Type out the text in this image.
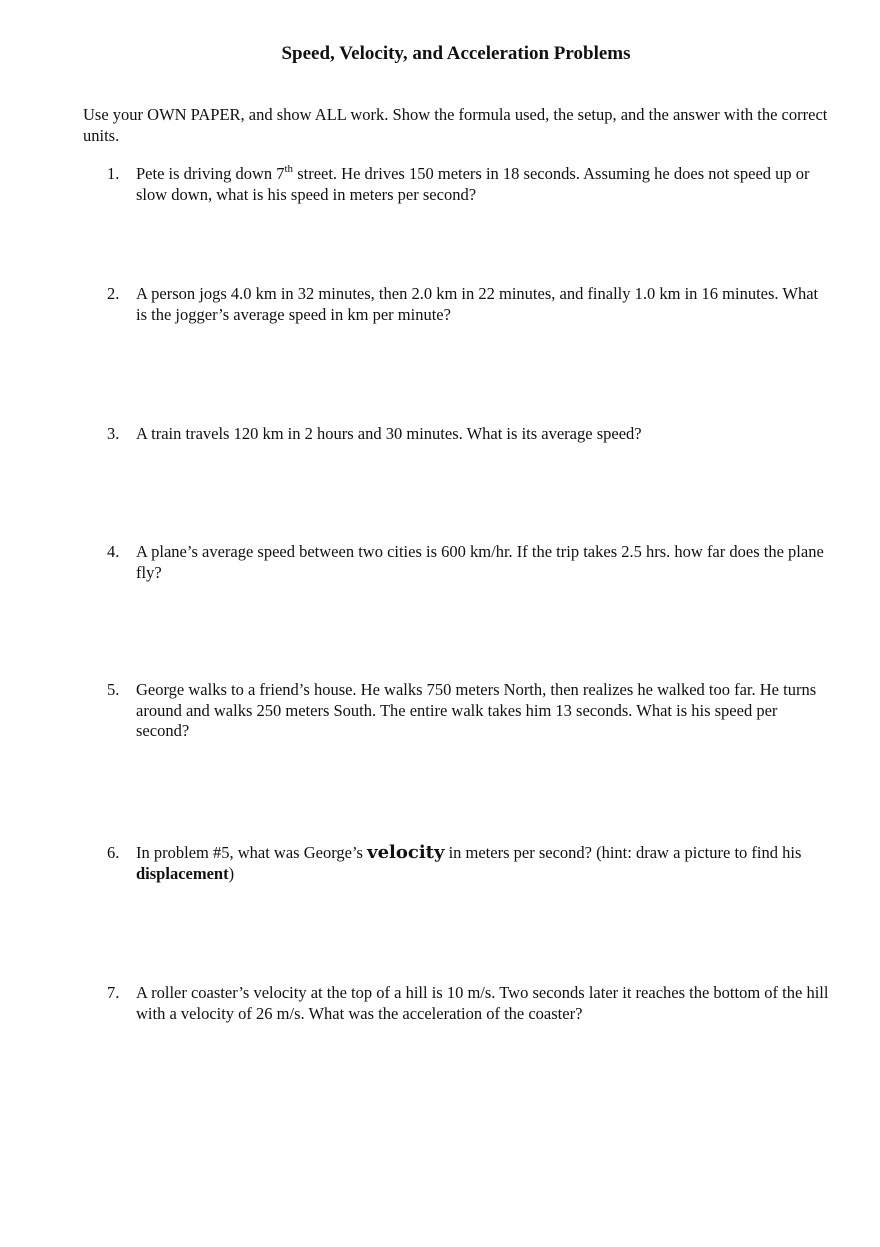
Speed, Velocity, and Acceleration Problems

Use your OWN PAPER, and show ALL work. Show the formula used, the setup, and the answer with the correct units.

1.	Pete is driving down 7th street. He drives 150 meters in 18 seconds. Assuming he does not speed up or slow down, what is his speed in meters per second?
2.	A person jogs 4.0 km in 32 minutes, then 2.0 km in 22 minutes, and finally 1.0 km in 16 minutes. What is the jogger’s average speed in km per minute?
3.	A train travels 120 km in 2 hours and 30 minutes. What is its average speed?
4.	A plane’s average speed between two cities is 600 km/hr. If the trip takes 2.5 hrs. how far does the plane fly?
5.	George walks to a friend’s house. He walks 750 meters North, then realizes he walked too far. He turns around and walks 250 meters South. The entire walk takes him 13 seconds. What is his speed per second?
6.	In problem #5, what was George’s velocity in meters per second? (hint: draw a picture to find his displacement)
7.	A roller coaster’s velocity at the top of a hill is 10 m/s. Two seconds later it reaches the bottom of the hill with a velocity of 26 m/s. What was the acceleration of the coaster?
